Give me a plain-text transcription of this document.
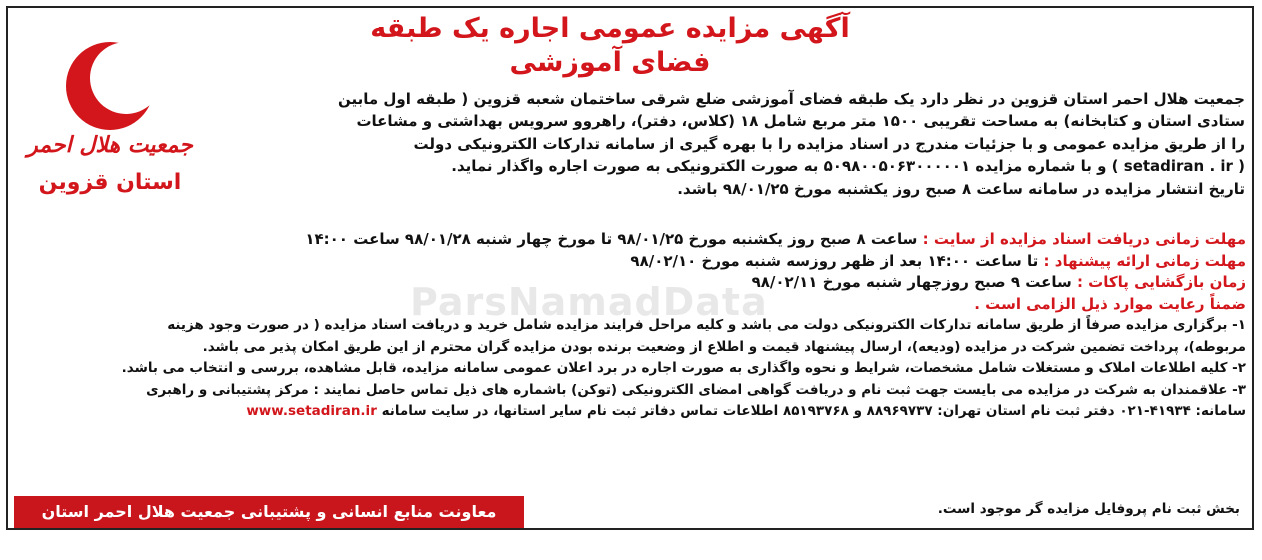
آگهی مزایده عمومی اجاره یک طبقه فضای آموزشی
جمعیت هلال احمر
استان قزوین
ParsNamadData
جمعیت هلال احمر استان قزوین در نظر دارد یک طبقه فضای آموزشی ضلع شرقی ساختمان شعبه قزوین ( طبقه اول مابین
ستادی استان و کتابخانه) به مساحت تقریبی ۱۵۰۰ متر مربع شامل ۱۸ (کلاس، دفتر)، راهروو سرویس بهداشتی و مشاعات
را از طریق مزایده عمومی و با جزئیات مندرج در اسناد مزایده را با بهره گیری از سامانه تدارکات الکترونیکی دولت
( setadiran . ir ) و با شماره مزایده ۵۰۹۸۰۰۵۰۶۳۰۰۰۰۰۱ به صورت الکترونیکی به صورت اجاره واگذار نماید.
تاریخ انتشار مزایده در سامانه ساعت ۸ صبح روز یکشنبه مورخ ۹۸/۰۱/۲۵ باشد.
مهلت زمانی دریافت اسناد مزایده از سایت : ساعت ۸ صبح روز یکشنبه مورخ ۹۸/۰۱/۲۵ تا مورخ چهار شنبه ۹۸/۰۱/۲۸ ساعت ۱۴:۰۰
مهلت زمانی ارائه پیشنهاد : تا ساعت ۱۴:۰۰ بعد از ظهر روزسه شنبه مورخ ۹۸/۰۲/۱۰
زمان بازگشایی پاکات : ساعت ۹ صبح روزچهار شنبه مورخ ۹۸/۰۲/۱۱
ضمناً رعایت موارد ذیل الزامی است .
۱- برگزاری مزایده صرفاً از طریق سامانه تدارکات الکترونیکی دولت می باشد و کلیه مراحل فرایند مزایده شامل خرید و دریافت اسناد مزایده ( در صورت وجود هزینه
مربوطه)، پرداخت تضمین شرکت در مزایده (ودیعه)، ارسال پیشنهاد قیمت و اطلاع از وضعیت برنده بودن مزایده گران محترم از این طریق امکان پذیر می باشد.
۲- کلیه اطلاعات املاک و مستغلات شامل مشخصات، شرایط و نحوه واگذاری به صورت اجاره در برد اعلان عمومی سامانه مزایده، قابل مشاهده، بررسی و انتخاب می باشد.
۳- علاقمندان به شرکت در مزایده می بایست جهت ثبت نام و دریافت گواهی امضای الکترونیکی (توکن) باشماره های ذیل تماس حاصل نمایند : مرکز پشتیبانی و راهبری
سامانه: ۴۱۹۳۴-۰۲۱ دفتر ثبت نام استان تهران: ۸۸۹۶۹۷۳۷ و ۸۵۱۹۳۷۶۸ اطلاعات تماس دفاتر ثبت نام سایر استانها، در سایت سامانه www.setadiran.ir
بخش ثبت نام پروفایل مزایده گر موجود است.
معاونت منابع انسانی و پشتیبانی جمعیت هلال احمر استان قزوین
